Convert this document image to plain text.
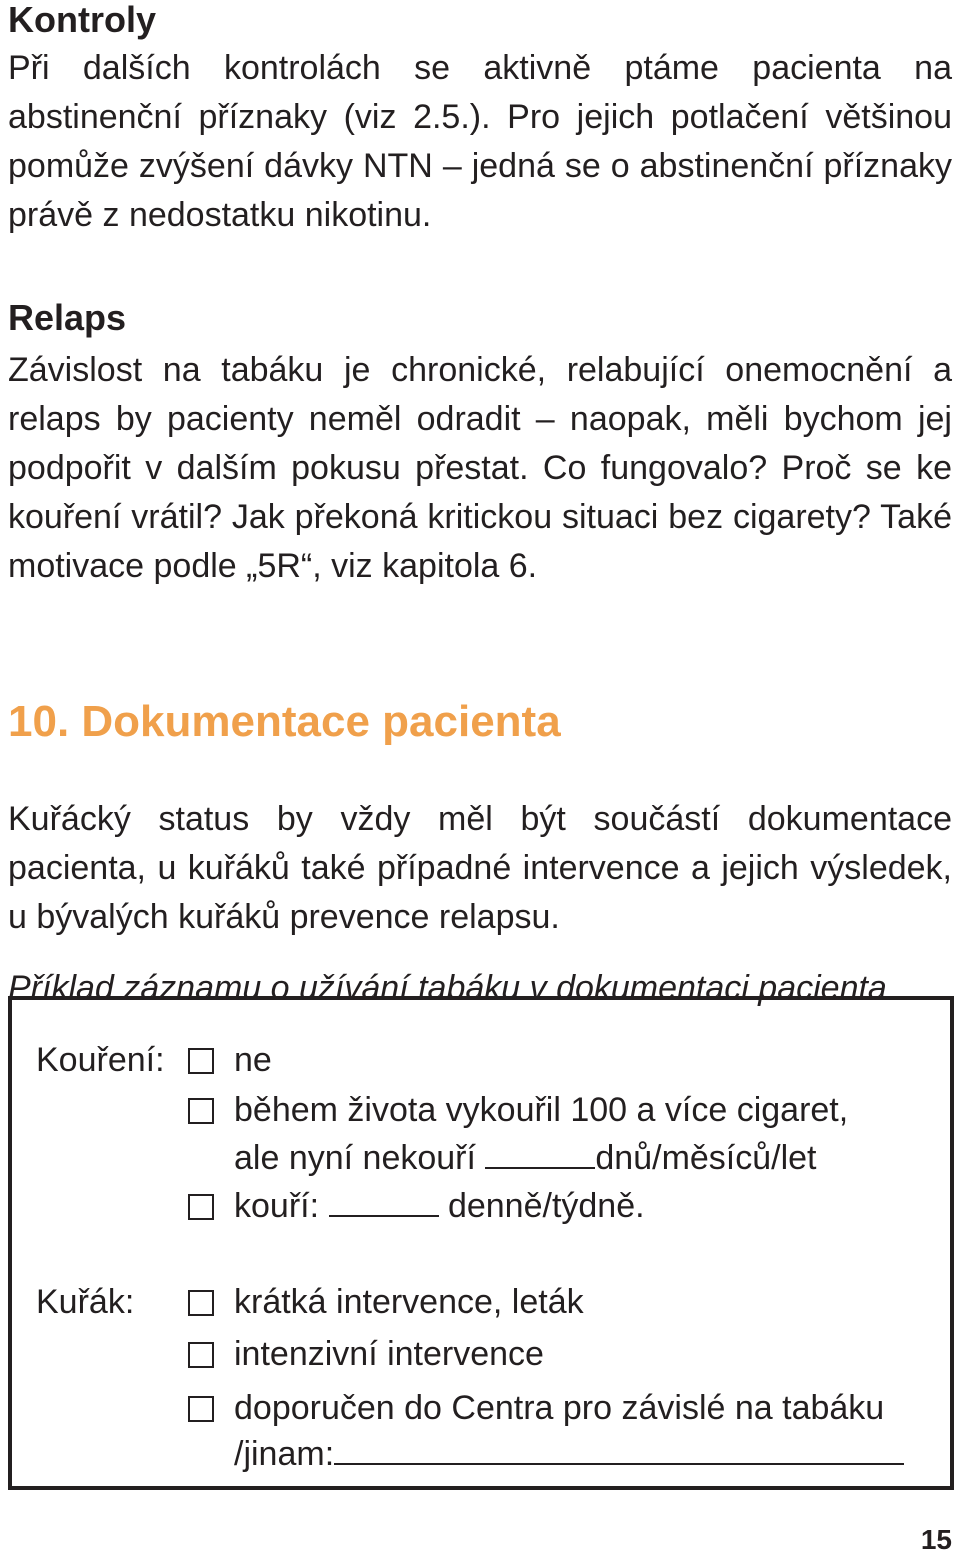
Kontroly

Při dalších kontrolách se aktivně ptáme pacienta na abstinenční příznaky (viz 2.5.). Pro jejich potlačení většinou pomůže zvýšení dávky NTN – jedná se o abstinenční příznaky právě z nedostatku nikotinu.

Relaps

Závislost na tabáku je chronické, relabující onemocnění a relaps by pacienty neměl odradit – naopak, měli bychom jej podpořit v dalším pokusu přestat. Co fungovalo? Proč se ke kouření vrátil? Jak překoná kritickou situaci bez cigarety? Také motivace podle „5R“, viz kapitola 6.

10. Dokumentace pacienta

Kuřácký status by vždy měl být součástí dokumentace pacienta, u kuřáků také případné intervence a jejich výsledek, u bývalých kuřáků prevence relapsu.

Příklad záznamu o užívání tabáku v dokumentaci pacienta

Kouření: ne
během života vykouřil 100 a více cigaret,
ale nyní nekouří	dnů/měsíců/let
kouří:	denně/týdně.
Kuřák:	krátká intervence, leták
intenzivní intervence
doporučen do Centra pro závislé na tabáku
/jinam:
15
